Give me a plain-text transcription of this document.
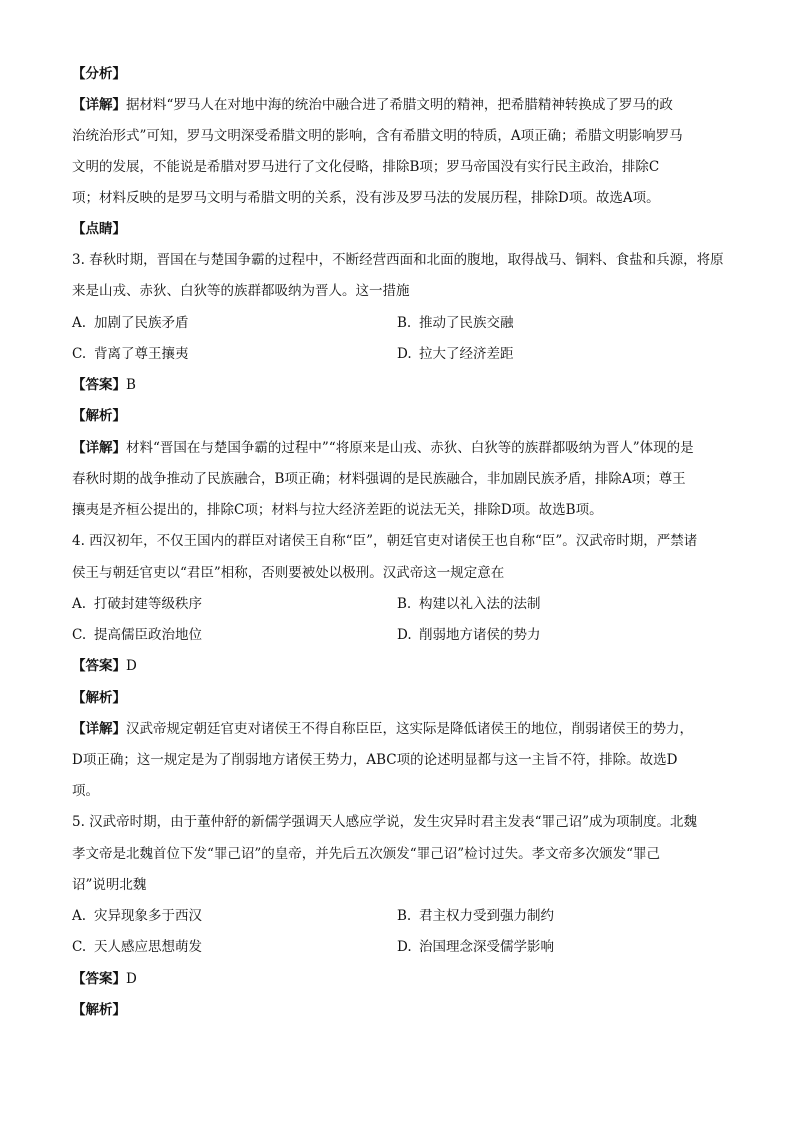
【分析】
【详解】据材料“罗马人在对地中海的统治中融合进了希腊文明的精神，把希腊精神转换成了罗马的政
治统治形式”可知，罗马文明深受希腊文明的影响，含有希腊文明的特质，A项正确；希腊文明影响罗马
文明的发展，不能说是希腊对罗马进行了文化侵略，排除B项；罗马帝国没有实行民主政治，排除C
项；材料反映的是罗马文明与希腊文明的关系，没有涉及罗马法的发展历程，排除D项。故选A项。
【点睛】
3. 春秋时期，晋国在与楚国争霸的过程中，不断经营西面和北面的腹地，取得战马、铜料、食盐和兵源，将原
来是山戎、赤狄、白狄等的族群都吸纳为晋人。这一措施
A. 加剧了民族矛盾	B. 推动了民族交融
C. 背离了尊王攘夷	D. 拉大了经济差距
【答案】B
【解析】
【详解】材料“晋国在与楚国争霸的过程中”“将原来是山戎、赤狄、白狄等的族群都吸纳为晋人”体现的是
春秋时期的战争推动了民族融合，B项正确；材料强调的是民族融合，非加剧民族矛盾，排除A项；尊王
攘夷是齐桓公提出的，排除C项；材料与拉大经济差距的说法无关，排除D项。故选B项。
4. 西汉初年，不仅王国内的群臣对诸侯王自称“臣”，朝廷官吏对诸侯王也自称“臣”。汉武帝时期，严禁诸
侯王与朝廷官吏以“君臣”相称，否则要被处以极刑。汉武帝这一规定意在
A. 打破封建等级秩序	B. 构建以礼入法的法制
C. 提高儒臣政治地位	D. 削弱地方诸侯的势力
【答案】D
【解析】
【详解】汉武帝规定朝廷官吏对诸侯王不得自称臣臣，这实际是降低诸侯王的地位，削弱诸侯王的势力，
D项正确；这一规定是为了削弱地方诸侯王势力，ABC项的论述明显都与这一主旨不符，排除。故选D
项。
5. 汉武帝时期，由于董仲舒的新儒学强调天人感应学说，发生灾异时君主发表“罪己诏”成为项制度。北魏
孝文帝是北魏首位下发“罪己诏”的皇帝，并先后五次颁发“罪己诏”检讨过失。孝文帝多次颁发“罪己
诏”说明北魏
A. 灾异现象多于西汉	B. 君主权力受到强力制约
C. 天人感应思想萌发	D. 治国理念深受儒学影响
【答案】D
【解析】
